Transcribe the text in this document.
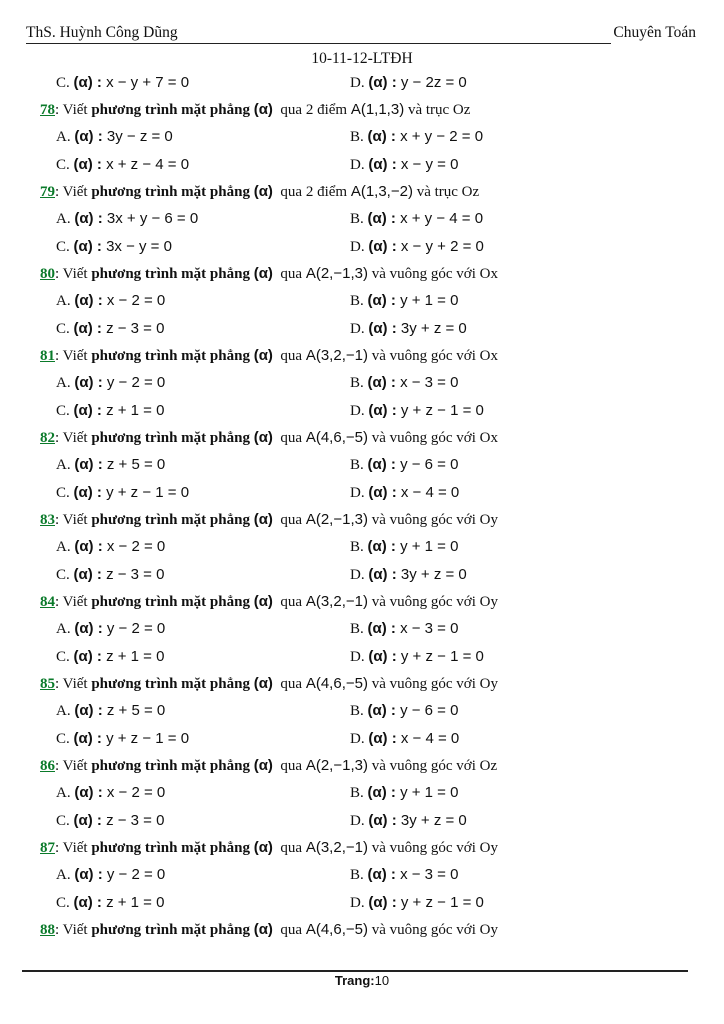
ThS. Huỳnh Công Dũng	Chuyên Toán
10-11-12-LTĐH
C. (α) : x − y + 7 = 0	D. (α) : y − 2z = 0
78: Viết phương trình mặt phẳng (α) qua 2 điểm A(1,1,3) và trục Oz
A. (α) : 3y − z = 0	B. (α) : x + y − 2 = 0
C. (α) : x + z − 4 = 0	D. (α) : x − y = 0
79: Viết phương trình mặt phẳng (α) qua 2 điểm A(1,3,−2) và trục Oz
A. (α) : 3x + y − 6 = 0	B. (α) : x + y − 4 = 0
C. (α) : 3x − y = 0	D. (α) : x − y + 2 = 0
80: Viết phương trình mặt phẳng (α) qua A(2,−1,3) và vuông góc với Ox
A. (α) : x − 2 = 0	B. (α) : y + 1 = 0
C. (α) : z − 3 = 0	D. (α) : 3y + z = 0
81: Viết phương trình mặt phẳng (α) qua A(3,2,−1) và vuông góc với Ox
A. (α) : y − 2 = 0	B. (α) : x − 3 = 0
C. (α) : z + 1 = 0	D. (α) : y + z − 1 = 0
82: Viết phương trình mặt phẳng (α) qua A(4,6,−5) và vuông góc với Ox
A. (α) : z + 5 = 0	B. (α) : y − 6 = 0
C. (α) : y + z − 1 = 0	D. (α) : x − 4 = 0
83: Viết phương trình mặt phẳng (α) qua A(2,−1,3) và vuông góc với Oy
A. (α) : x − 2 = 0	B. (α) : y + 1 = 0
C. (α) : z − 3 = 0	D. (α) : 3y + z = 0
84: Viết phương trình mặt phẳng (α) qua A(3,2,−1) và vuông góc với Oy
A. (α) : y − 2 = 0	B. (α) : x − 3 = 0
C. (α) : z + 1 = 0	D. (α) : y + z − 1 = 0
85: Viết phương trình mặt phẳng (α) qua A(4,6,−5) và vuông góc với Oy
A. (α) : z + 5 = 0	B. (α) : y − 6 = 0
C. (α) : y + z − 1 = 0	D. (α) : x − 4 = 0
86: Viết phương trình mặt phẳng (α) qua A(2,−1,3) và vuông góc với Oz
A. (α) : x − 2 = 0	B. (α) : y + 1 = 0
C. (α) : z − 3 = 0	D. (α) : 3y + z = 0
87: Viết phương trình mặt phẳng (α) qua A(3,2,−1) và vuông góc với Oy
A. (α) : y − 2 = 0	B. (α) : x − 3 = 0
C. (α) : z + 1 = 0	D. (α) : y + z − 1 = 0
88: Viết phương trình mặt phẳng (α) qua A(4,6,−5) và vuông góc với Oy
Trang:10
